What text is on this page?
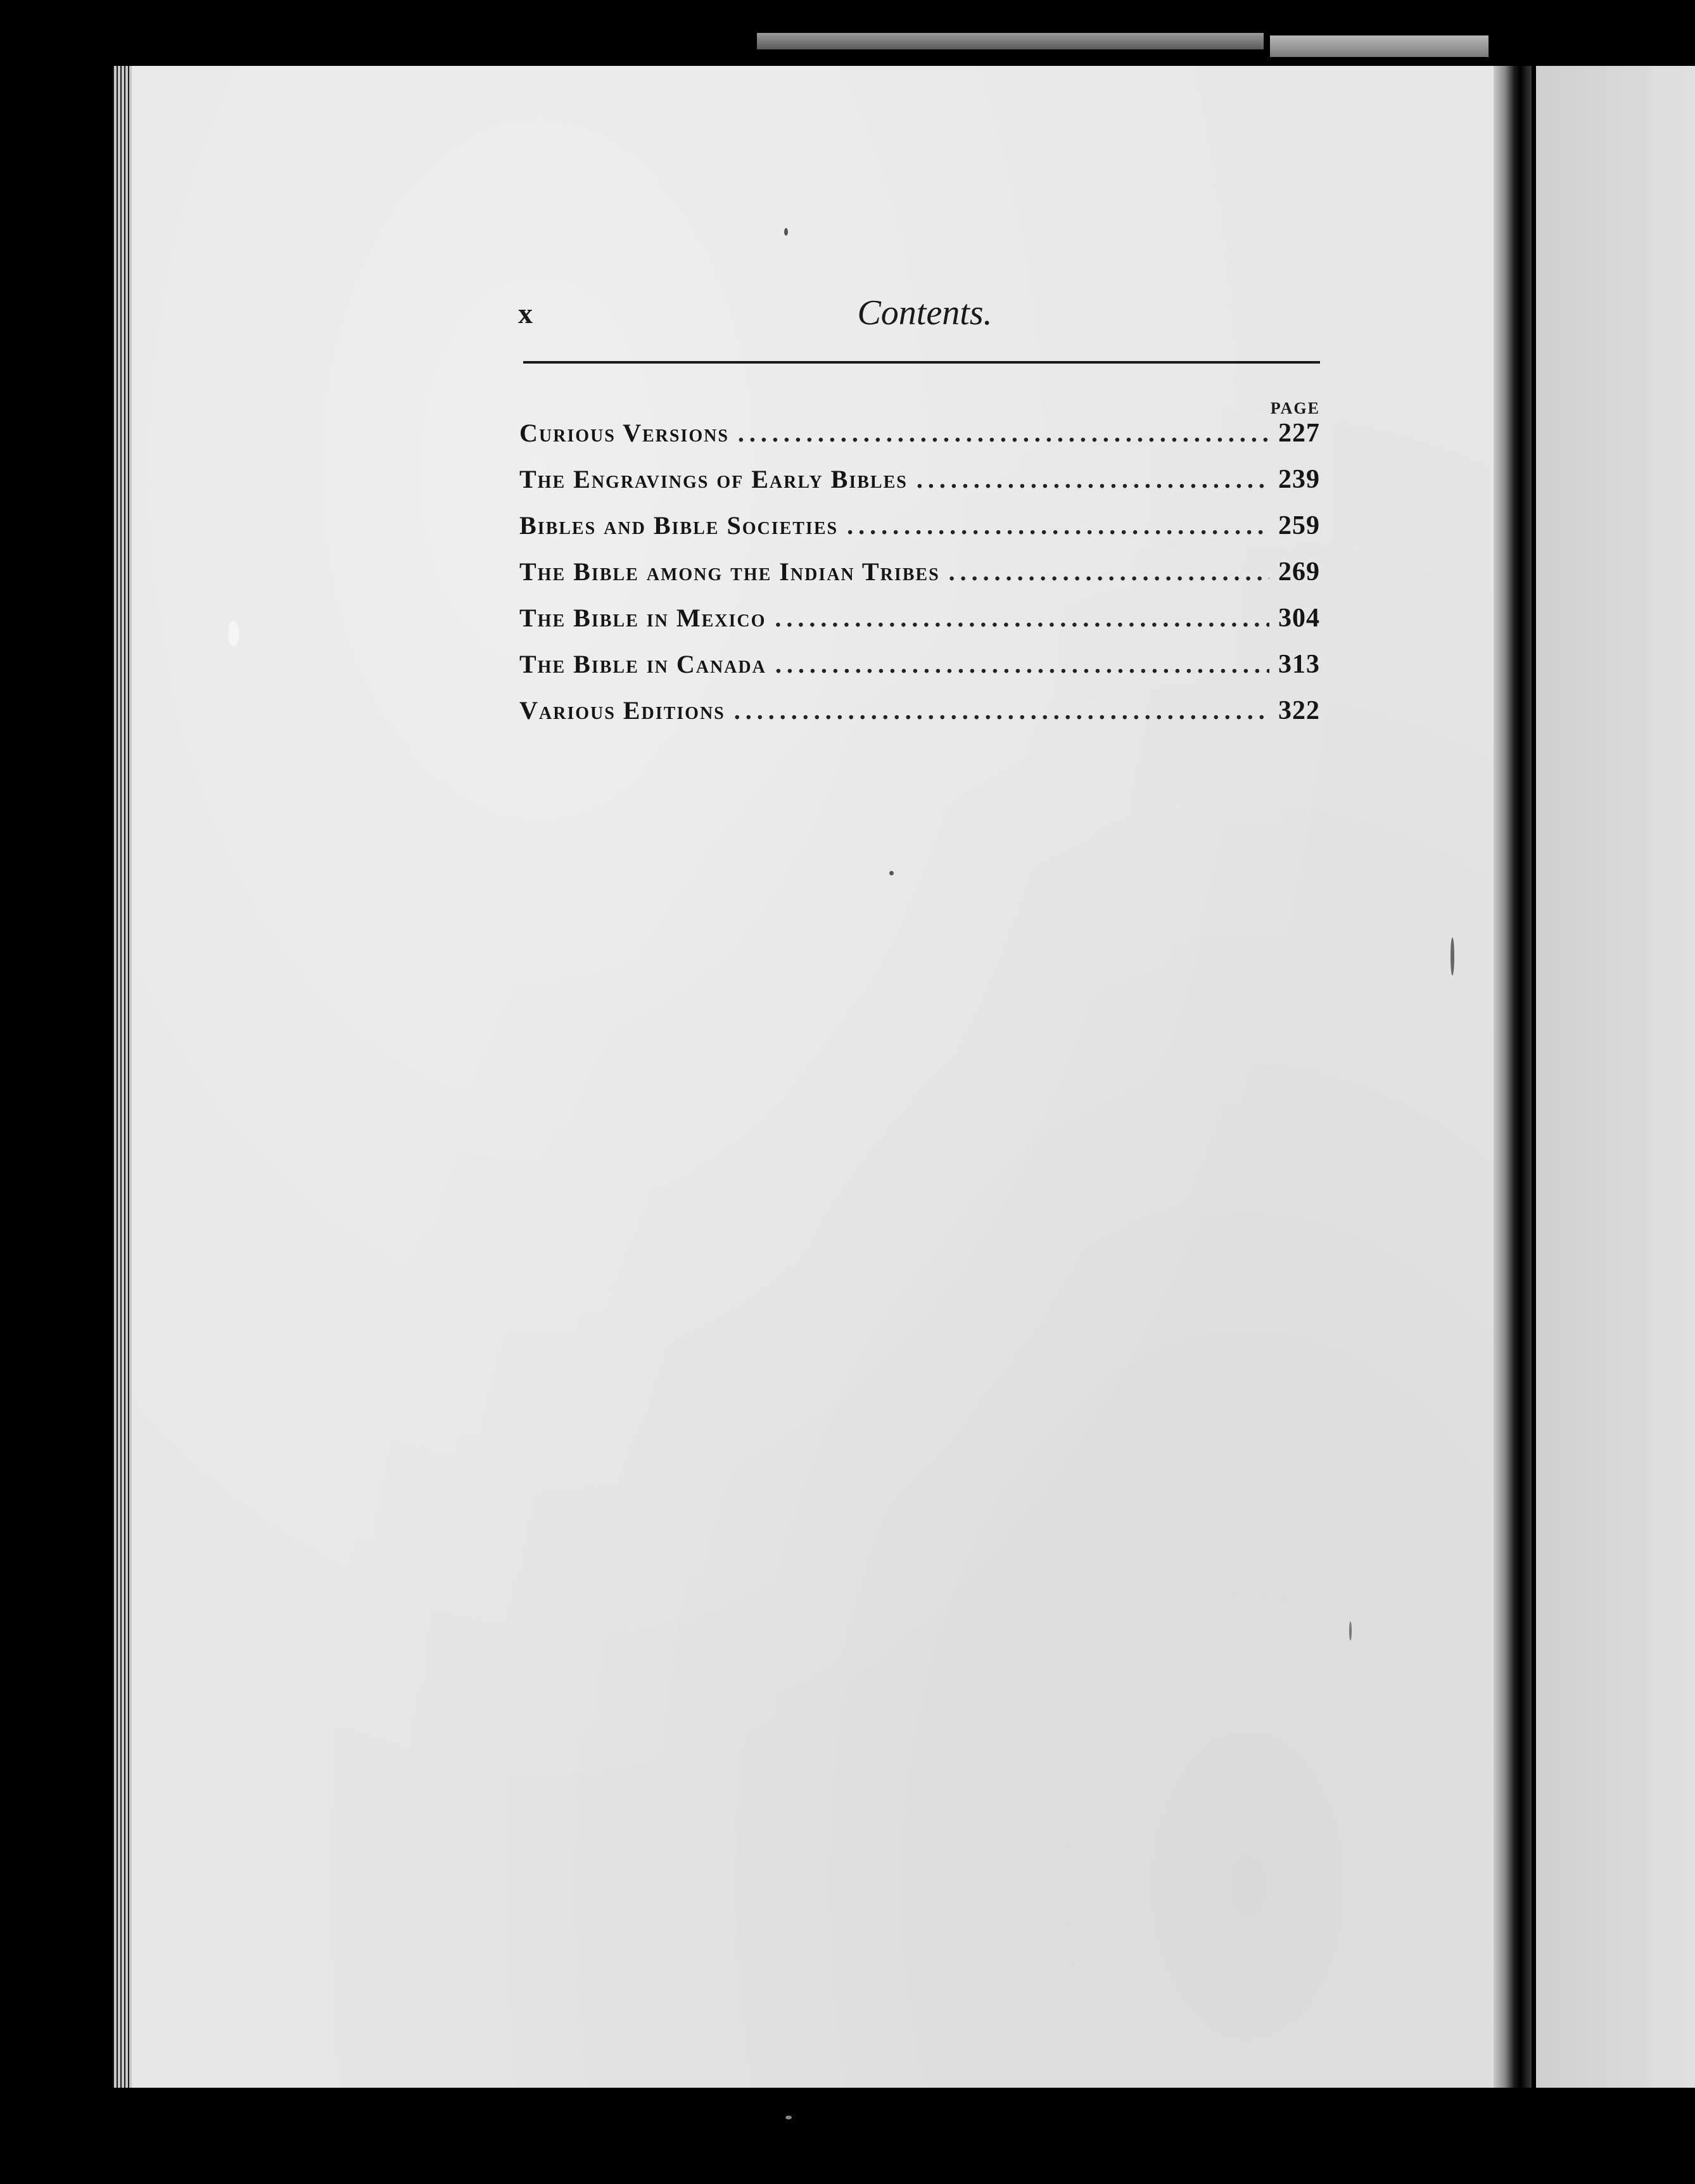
x	Contents.
PAGE
Curious Versions . . .	227
The Engravings of Early Bibles . . .	239
Bibles and Bible Societies . . .	259
The Bible among the Indian Tribes . . .	269
The Bible in Mexico . . .	304
The Bible in Canada . . .	313
Various Editions . . .	322
